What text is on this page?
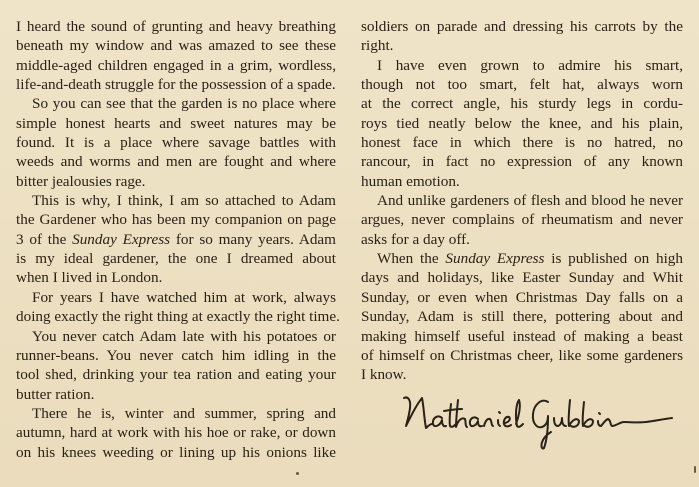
I heard the sound of grunting and heavy breathing
beneath my window and was amazed to see these
middle-aged children engaged in a grim, wordless,
life-and-death struggle for the possession of a spade.
So you can see that the garden is no place where
simple honest hearts and sweet natures may be
found. It is a place where savage battles with
weeds and worms and men are fought and where
bitter jealousies rage.
This is why, I think, I am so attached to Adam
the Gardener who has been my companion on page
3 of the Sunday Express for so many years. Adam
is my ideal gardener, the one I dreamed about
when I lived in London.
For years I have watched him at work, always
doing exactly the right thing at exactly the right time.
You never catch Adam late with his potatoes or
runner-beans. You never catch him idling in the
tool shed, drinking your tea ration and eating your
butter ration.
There he is, winter and summer, spring and
autumn, hard at work with his hoe or rake, or down
on his knees weeding or lining up his onions like
soldiers on parade and dressing his carrots by the
right.
I have even grown to admire his smart,
though not too smart, felt hat, always worn
at the correct angle, his sturdy legs in cordu-
roys tied neatly below the knee, and his plain,
honest face in which there is no hatred, no
rancour, in fact no expression of any known
human emotion.
And unlike gardeners of flesh and blood he never
argues, never complains of rheumatism and never
asks for a day off.
When the Sunday Express is published on high
days and holidays, like Easter Sunday and Whit
Sunday, or even when Christmas Day falls on a
Sunday, Adam is still there, pottering about and
making himself useful instead of making a beast
of himself on Christmas cheer, like some gardeners
I know.
